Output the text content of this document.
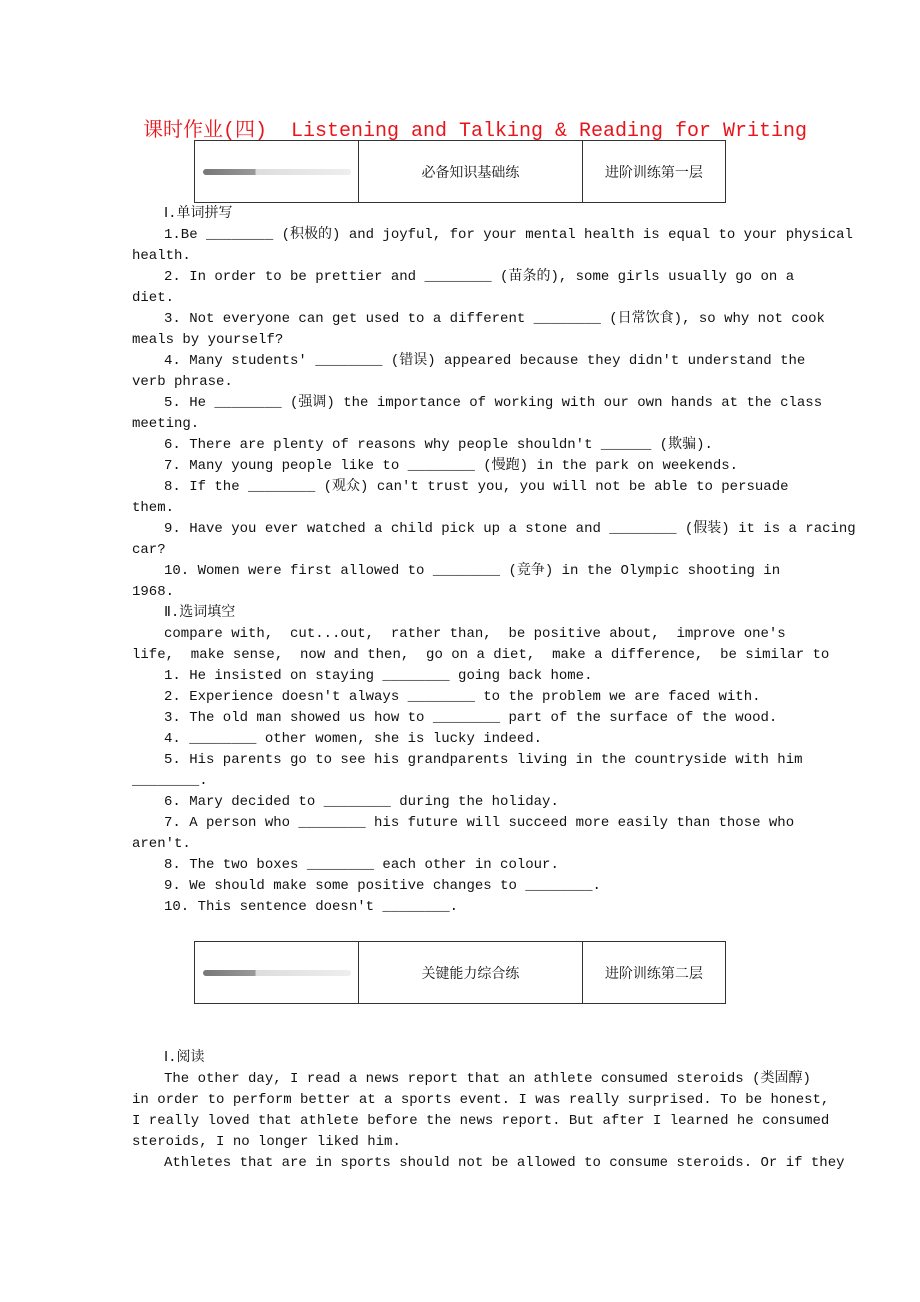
课时作业(四)  Listening and Talking & Reading for Writing
必备知识基础练	进阶训练第一层
Ⅰ.单词拼写
1.Be ________ (积极的) and joyful, for your mental health is equal to your physical
health.
2. In order to be prettier and ________ (苗条的), some girls usually go on a
diet.
3. Not everyone can get used to a different ________ (日常饮食), so why not cook
meals by yourself?
4. Many students' ________ (错误) appeared because they didn't understand the
verb phrase.
5. He ________ (强调) the importance of working with our own hands at the class
meeting.
6. There are plenty of reasons why people shouldn't ______ (欺骗).
7. Many young people like to ________ (慢跑) in the park on weekends.
8. If the ________ (观众) can't trust you, you will not be able to persuade
them.
9. Have you ever watched a child pick up a stone and ________ (假装) it is a racing
car?
10. Women were first allowed to ________ (竞争) in the Olympic shooting in
1968.
Ⅱ.选词填空
compare with,  cut...out,  rather than,  be positive about,  improve one's
life,  make sense,  now and then,  go on a diet,  make a difference,  be similar to
1. He insisted on staying ________ going back home.
2. Experience doesn't always ________ to the problem we are faced with.
3. The old man showed us how to ________ part of the surface of the wood.
4. ________ other women, she is lucky indeed.
5. His parents go to see his grandparents living in the countryside with him
________.
6. Mary decided to ________ during the holiday.
7. A person who ________ his future will succeed more easily than those who
aren't.
8. The two boxes ________ each other in colour.
9. We should make some positive changes to ________.
10. This sentence doesn't ________.
关键能力综合练	进阶训练第二层
Ⅰ.阅读
The other day, I read a news report that an athlete consumed steroids (类固醇)
in order to perform better at a sports event. I was really surprised. To be honest,
I really loved that athlete before the news report. But after I learned he consumed
steroids, I no longer liked him.
Athletes that are in sports should not be allowed to consume steroids. Or if they
